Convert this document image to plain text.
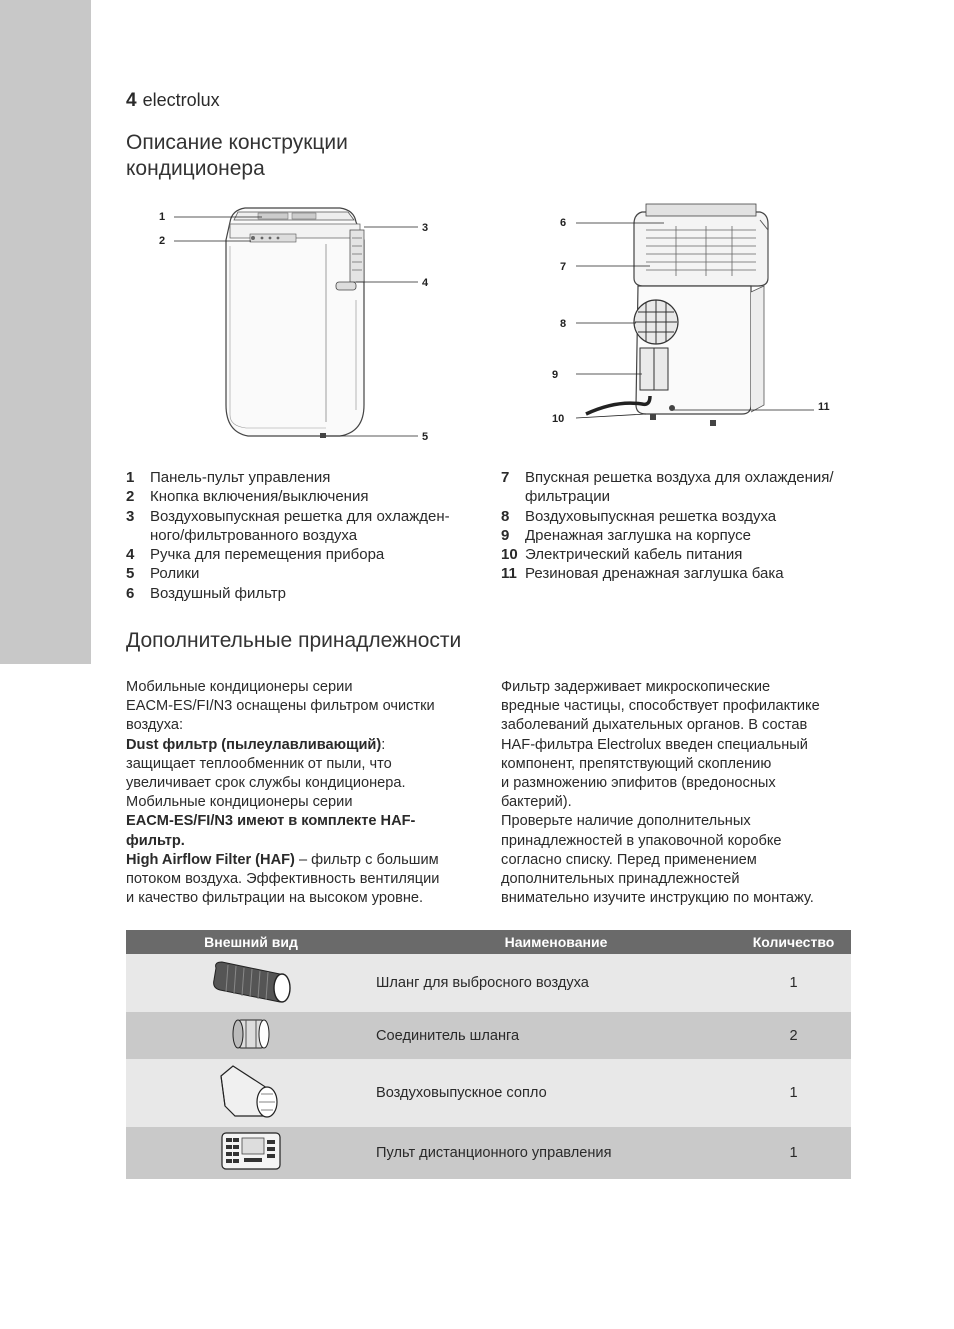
4 electrolux
Описание конструкции
кондиционера
1
2
3
4
5
6
7
8
9
10
11
1	Панель-пульт управления
2	Кнопка включения/выключения
3	Воздуховыпускная решетка для охлажден-
ного/фильтрованного воздуха
4	Ручка для перемещения прибора
5	Ролики
6	Воздушный фильтр
7	Впускная решетка воздуха для охлаждения/
фильтрации
8	Воздуховыпускная решетка воздуха
9	Дренажная заглушка на корпусе
10 Электрический кабель питания
11 Резиновая дренажная заглушка бака
Дополнительные принадлежности
Мобильные кондиционеры серии
EACM-ES/FI/N3 оснащены фильтром очистки
воздуха:
Dust фильтр (пылеулавливающий):
защищает теплообменник от пыли, что
увеличивает срок службы кондиционера.
Мобильные кондиционеры серии
EACM-ES/FI/N3 имеют в комплекте HAF-
фильтр.
High Airflow Filter (HAF) – фильтр с большим
потоком воздуха. Эффективность вентиляции
и качество фильтрации на высоком уровне.
Фильтр задерживает микроскопические
вредные частицы, способствует профилактике
заболеваний дыхательных органов. В состав
HAF-фильтра Electrolux введен специальный
компонент, препятствующий скоплению
и размножению эпифитов (вредоносных
бактерий).
Проверьте наличие дополнительных
принадлежностей в упаковочной коробке
согласно списку. Перед применением
дополнительных принадлежностей
внимательно изучите инструкцию по монтажу.
Внешний вид	Наименование	Количество
	Шланг для выбросного воздуха	1
	Соединитель шланга	2
	Воздуховыпускное сопло	1
	Пульт дистанционного управления	1
